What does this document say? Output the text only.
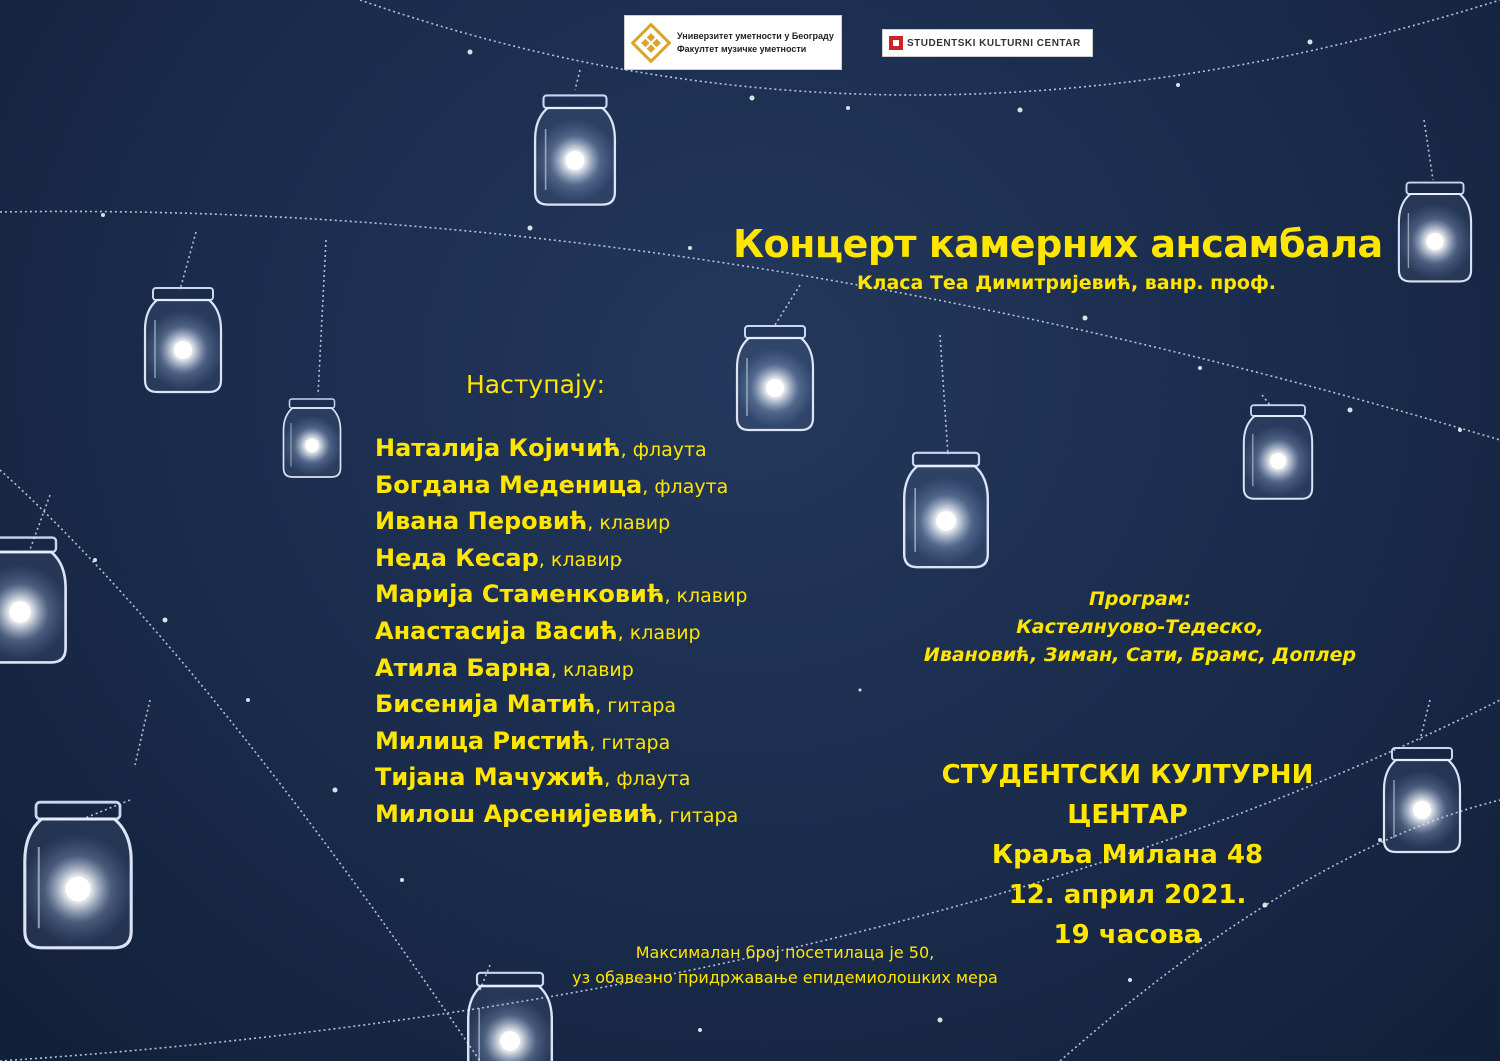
Универзитет уметности у Београду
Факултет музичке уметности	STUDENTSKI KULTURNI CENTAR
Концерт камерних ансамбала
Класа Теа Димитријевић, ванр. проф.
Наступају:
Наталија Којичић, флаута
Богдана Меденица, флаута
Ивана Перовић, клавир
Неда Кесар, клавир
Марија Стаменковић, клавир
Анастасија Васић, клавир
Атила Барна, клавир
Бисенија Матић, гитара
Милица Ристић, гитара
Тијана Мачужић, флаута
Милош Арсенијевић, гитара
Програм:
Кастелнуово-Тедеско,
Ивановић, Зиман, Сати, Брамс, Доплер
СТУДЕНТСКИ КУЛТУРНИ ЦЕНТАР
Краља Милана 48
12. април 2021.
19 часова
Максималан број посетилаца је 50,
уз обавезно придржавање епидемиолошких мера
